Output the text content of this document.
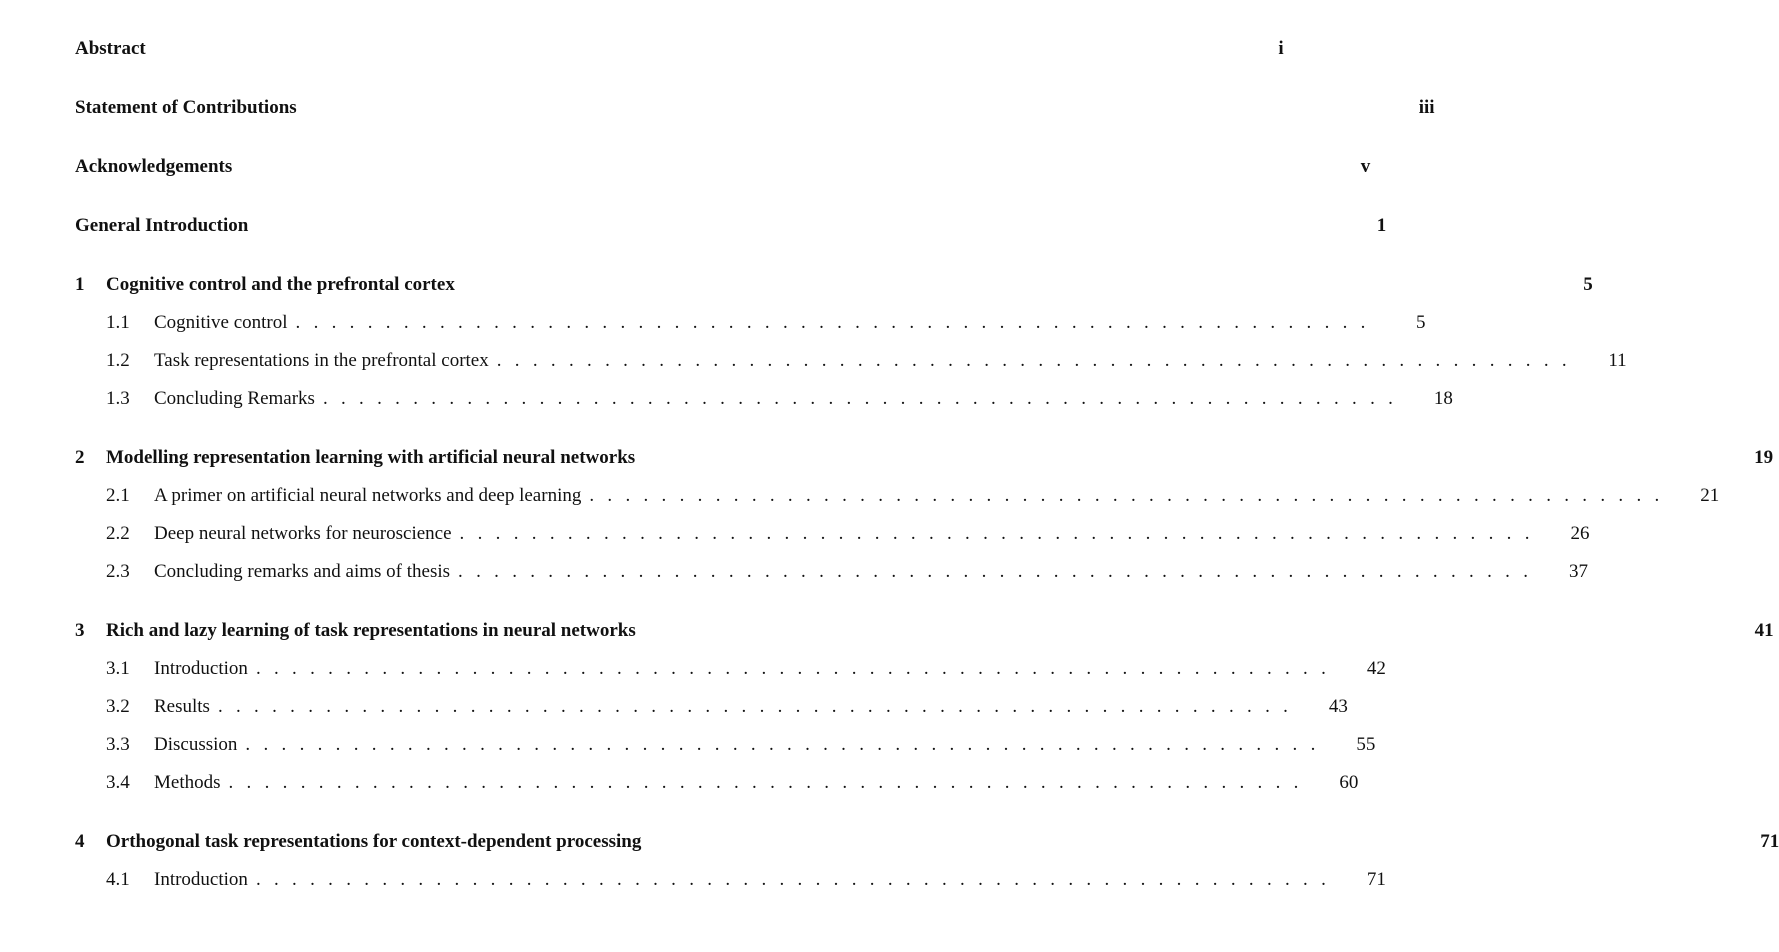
Abstract	i
Statement of Contributions	iii
Acknowledgements	v
General Introduction	1
1	Cognitive control and the prefrontal cortex	5
1.1	Cognitive control .  .  .  .  .  .  .  .  .  .  .  .  .  .  .  .  .  .  .  .  .  .  .  .  .  .  .  .  .  .  .  .  .  .  .  .  .  .  .  .  .  .  .  .  .  .  .  .  .  .  .  .  .  .  .  .  .  .  .  .	5
1.2	Task representations in the prefrontal cortex .  .  .  .  .  .  .  .  .  .  .  .  .  .  .  .  .  .  .  .  .  .  .  .  .  .  .  .  .  .  .  .  .  .  .  .  .  .  .  .  .  .  .  .  .  .  .  .  .  .  .  .  .  .  .  .  .  .  .  .	11
1.3	Concluding Remarks .  .  .  .  .  .  .  .  .  .  .  .  .  .  .  .  .  .  .  .  .  .  .  .  .  .  .  .  .  .  .  .  .  .  .  .  .  .  .  .  .  .  .  .  .  .  .  .  .  .  .  .  .  .  .  .  .  .  .  .	18
2	Modelling representation learning with artificial neural networks	19
2.1	A primer on artificial neural networks and deep learning .  .  .  .  .  .  .  .  .  .  .  .  .  .  .  .  .  .  .  .  .  .  .  .  .  .  .  .  .  .  .  .  .  .  .  .  .  .  .  .  .  .  .  .  .  .  .  .  .  .  .  .  .  .  .  .  .  .  .  .	21
2.2	Deep neural networks for neuroscience .  .  .  .  .  .  .  .  .  .  .  .  .  .  .  .  .  .  .  .  .  .  .  .  .  .  .  .  .  .  .  .  .  .  .  .  .  .  .  .  .  .  .  .  .  .  .  .  .  .  .  .  .  .  .  .  .  .  .  .	26
2.3	Concluding remarks and aims of thesis .  .  .  .  .  .  .  .  .  .  .  .  .  .  .  .  .  .  .  .  .  .  .  .  .  .  .  .  .  .  .  .  .  .  .  .  .  .  .  .  .  .  .  .  .  .  .  .  .  .  .  .  .  .  .  .  .  .  .  .	37
3	Rich and lazy learning of task representations in neural networks	41
3.1	Introduction .  .  .  .  .  .  .  .  .  .  .  .  .  .  .  .  .  .  .  .  .  .  .  .  .  .  .  .  .  .  .  .  .  .  .  .  .  .  .  .  .  .  .  .  .  .  .  .  .  .  .  .  .  .  .  .  .  .  .  .	42
3.2	Results .  .  .  .  .  .  .  .  .  .  .  .  .  .  .  .  .  .  .  .  .  .  .  .  .  .  .  .  .  .  .  .  .  .  .  .  .  .  .  .  .  .  .  .  .  .  .  .  .  .  .  .  .  .  .  .  .  .  .  .	43
3.3	Discussion .  .  .  .  .  .  .  .  .  .  .  .  .  .  .  .  .  .  .  .  .  .  .  .  .  .  .  .  .  .  .  .  .  .  .  .  .  .  .  .  .  .  .  .  .  .  .  .  .  .  .  .  .  .  .  .  .  .  .  .	55
3.4	Methods .  .  .  .  .  .  .  .  .  .  .  .  .  .  .  .  .  .  .  .  .  .  .  .  .  .  .  .  .  .  .  .  .  .  .  .  .  .  .  .  .  .  .  .  .  .  .  .  .  .  .  .  .  .  .  .  .  .  .  .	60
4	Orthogonal task representations for context-dependent processing	71
4.1	Introduction .  .  .  .  .  .  .  .  .  .  .  .  .  .  .  .  .  .  .  .  .  .  .  .  .  .  .  .  .  .  .  .  .  .  .  .  .  .  .  .  .  .  .  .  .  .  .  .  .  .  .  .  .  .  .  .  .  .  .  .	71
